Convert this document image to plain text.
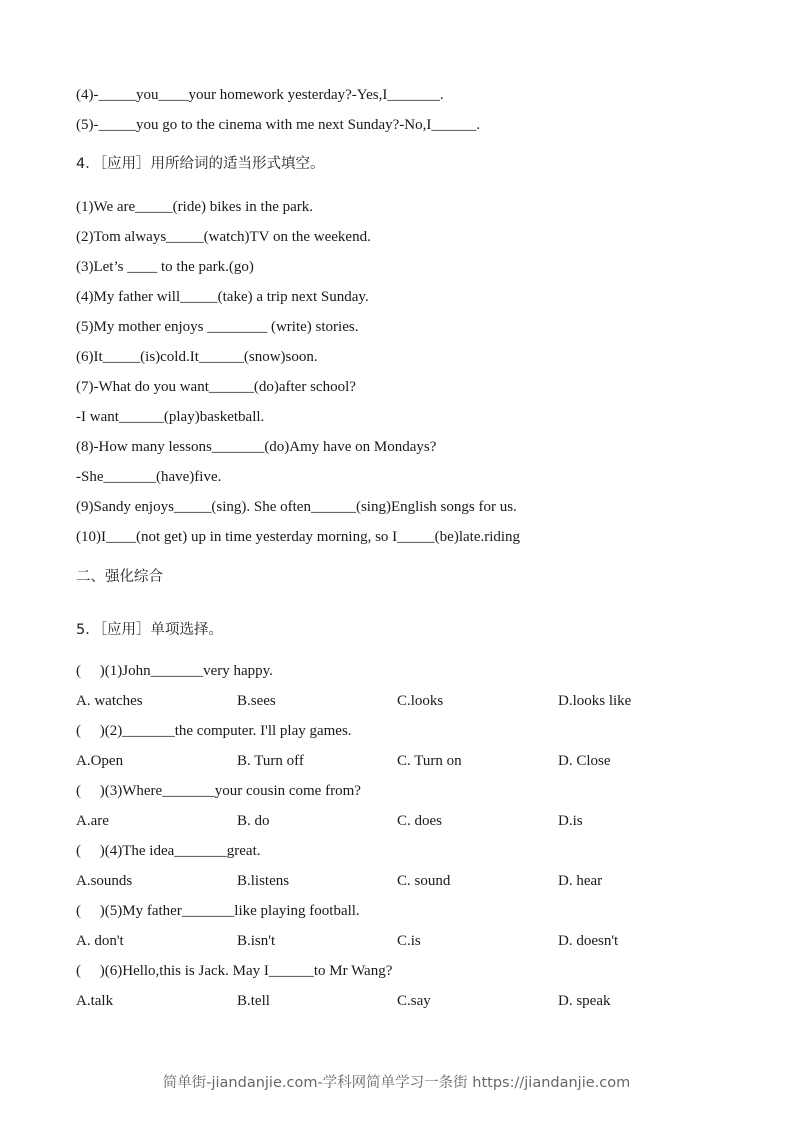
(4)-_____you____your homework yesterday?-Yes,I_______.
(5)-_____you go to the cinema with me next Sunday?-No,I______.
4．［应用］用所给词的适当形式填空。
(1)We are_____(ride) bikes in the park.
(2)Tom always_____(watch)TV on the weekend.
(3)Let’s ____ to the park.(go)
(4)My father will_____(take) a trip next Sunday.
(5)My mother enjoys ________ (write) stories.
(6)It_____(is)cold.It______(snow)soon.
(7)-What do you want______(do)after school?
-I want______(play)basketball.
(8)-How many lessons_______(do)Amy have on Mondays?
-She_______(have)five.
(9)Sandy enjoys_____(sing). She often______(sing)English songs for us.
(10)I____(not get) up in time yesterday morning, so I_____(be)late.riding
二、强化综合
5．［应用］单项选择。
(     )(1)John_______very happy.
A. watches	B.sees	C.looks	D.looks like
(     )(2)_______the computer. I'll play games.
A.Open	B. Turn off	C. Turn on	D. Close
(     )(3)Where_______your cousin come from?
A.are	B. do	C. does	D.is
(     )(4)The idea_______great.
A.sounds	B.listens	C. sound	D. hear
(     )(5)My father_______like playing football.
A. don't	B.isn't	C.is	D. doesn't
(     )(6)Hello,this is Jack. May I______to Mr Wang?
A.talk	B.tell	C.say	D. speak
简单街-jiandanjie.com-学科网简单学习一条街 https://jiandanjie.com
